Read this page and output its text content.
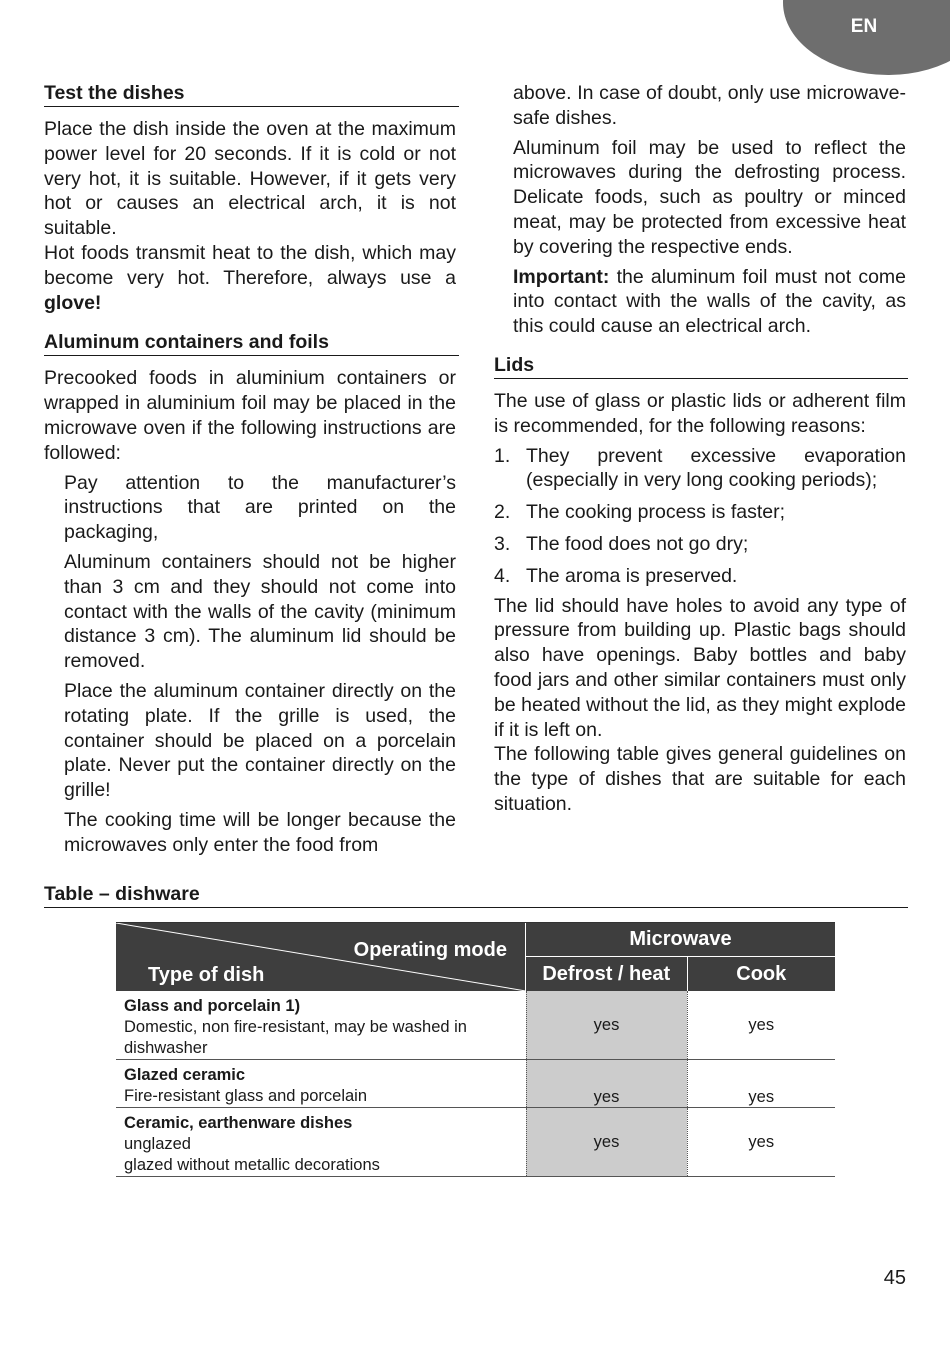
EN
Test the dishes

Place the dish inside the oven at the maximum power level for 20 seconds. If it is cold or not very hot, it is suitable. However, if it gets very hot or causes an electrical arch, it is not suitable.

Hot foods transmit heat to the dish, which may become very hot. Therefore, always use a glove!

Aluminum containers and foils

Precooked foods in aluminium containers or wrapped in aluminium foil may be placed in the microwave oven if the following instructions are followed:

Pay attention to the manufacturer’s instructions that are printed on the packaging,

Aluminum containers should not be higher than 3 cm and they should not come into contact with the walls of the cavity (minimum distance 3 cm). The aluminum lid should be removed.

Place the aluminum container directly on the rotating plate. If the grille is used, the container should be placed on a porcelain plate. Never put the container directly on the grille!

The cooking time will be longer because the microwaves only enter the food from

above. In case of doubt, only use microwave-safe dishes.

Aluminum foil may be used to reflect the microwaves during the defrosting process. Delicate foods, such as poultry or minced meat, may be protected from excessive heat by covering the respective ends.

Important: the aluminum foil must not come into contact with the walls of the cavity, as this could cause an electrical arch.

Lids

The use of glass or plastic lids or adherent film is recommended, for the following reasons:

1. They prevent excessive evaporation (especially in very long cooking periods);

2. The cooking process is faster;

3. The food does not go dry;

4. The aroma is preserved.

The lid should have holes to avoid any type of pressure from building up. Plastic bags should also have openings. Baby bottles and baby food jars and other similar containers must only be heated without the lid, as they might explode if it is left on.

The following table gives general guidelines on the type of dishes that are suitable for each situation.

Table – dishware
Operating mode
Type of dish	Microwave	
	Defrost / heat	Cook
Glass and porcelain 1)
Domestic, non fire-resistant, may be washed in dishwasher	yes	yes
Glazed ceramic
Fire-resistant glass and porcelain	yes	yes
Ceramic, earthenware dishes
unglazed
glazed without metallic decorations	yes	yes
45
